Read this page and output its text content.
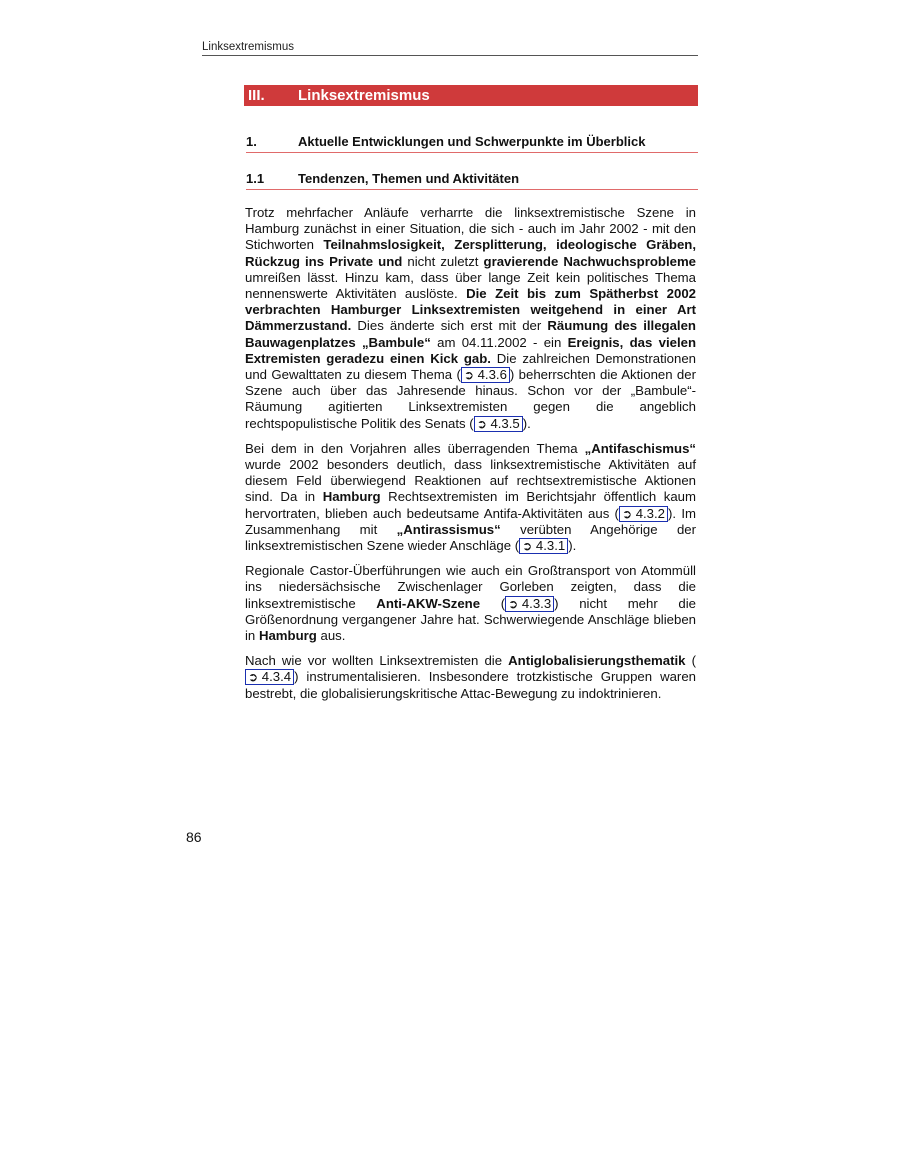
Linksextremismus
III. Linksextremismus
1.	Aktuelle Entwicklungen und Schwerpunkte im Überblick
1.1	Tendenzen, Themen und Aktivitäten

Trotz mehrfacher Anläufe verharrte die linksextremistische Szene in Hamburg zunächst in einer Situation, die sich - auch im Jahr 2002 - mit den Stichworten Teilnahmslosigkeit, Zersplitterung, ideologische Gräben, Rückzug ins Private und nicht zuletzt gravierende Nachwuchsprobleme umreißen lässt. Hinzu kam, dass über lange Zeit kein politisches Thema nennenswerte Aktivitäten auslöste. Die Zeit bis zum Spätherbst 2002 verbrachten Hamburger Linksextremisten weitgehend in einer Art Dämmerzustand. Dies änderte sich erst mit der Räumung des illegalen Bauwagenplatzes „Bambule“ am 04.11.2002 - ein Ereignis, das vielen Extremisten geradezu einen Kick gab. Die zahlreichen Demonstrationen und Gewalttaten zu diesem Thema ( ➲ 4.3.6 ) beherrschten die Aktionen der Szene auch über das Jahresende hinaus. Schon vor der „Bambule“-Räumung agitierten Linksextremisten gegen die angeblich rechtspopulistische Politik des Senats ( ➲ 4.3.5 ).

Bei dem in den Vorjahren alles überragenden Thema „Antifaschismus“ wurde 2002 besonders deutlich, dass linksextremistische Aktivitäten auf diesem Feld überwiegend Reaktionen auf rechtsextremistische Aktionen sind. Da in Hamburg Rechtsextremisten im Berichtsjahr öffentlich kaum hervortraten, blieben auch bedeutsame Antifa-Aktivitäten aus ( ➲ 4.3.2 ). Im Zusammenhang mit „Antirassismus“ verübten Angehörige der linksextremistischen Szene wieder Anschläge ( ➲ 4.3.1 ).

Regionale Castor-Überführungen wie auch ein Großtransport von Atommüll ins niedersächsische Zwischenlager Gorleben zeigten, dass die linksextremistische Anti-AKW-Szene ( ➲ 4.3.3 ) nicht mehr die Größenordnung vergangener Jahre hat. Schwerwiegende Anschläge blieben in Hamburg aus.

Nach wie vor wollten Linksextremisten die Antiglobalisierungsthematik (➲ 4.3.4 ) instrumentalisieren. Insbesondere trotzkistische Gruppen waren bestrebt, die globalisierungskritische Attac-Bewegung zu indoktrinieren.

86
